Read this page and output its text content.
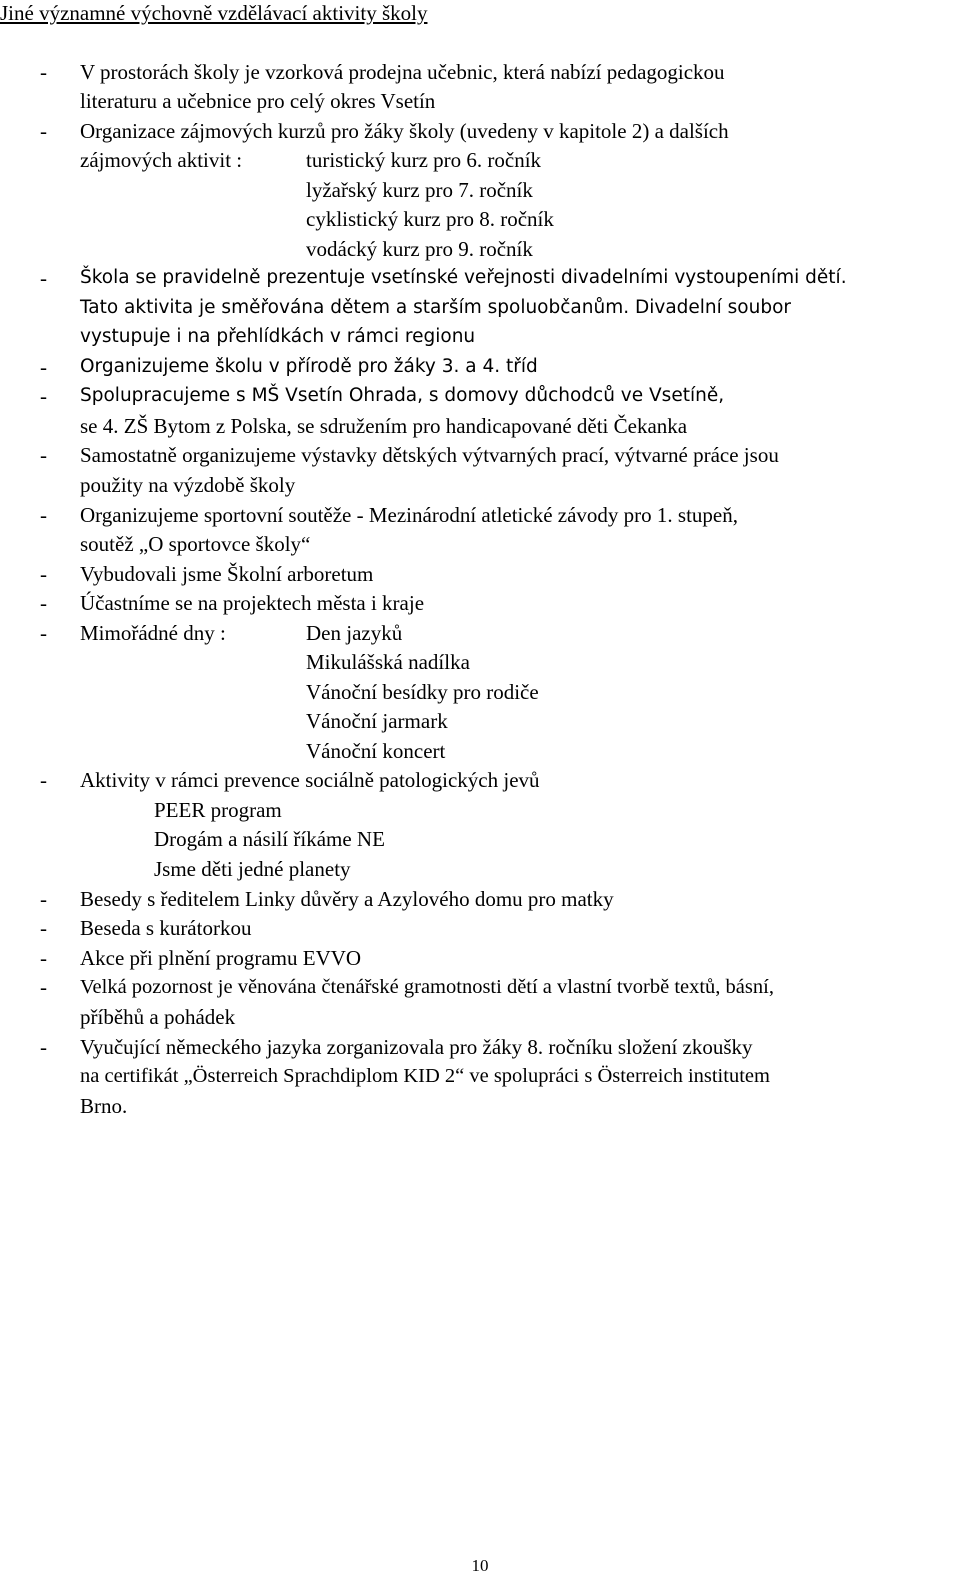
Jiné významné výchovně vzdělávací aktivity školy
- V prostorách školy je vzorková prodejna učebnic, která nabízí pedagogickou
literaturu a učebnice pro celý okres Vsetín
- Organizace zájmových kurzů pro žáky školy (uvedeny v kapitole 2) a dalších
zájmových aktivit :	turistický kurz pro 6. ročník
lyžařský kurz pro 7. ročník
cyklistický kurz pro 8. ročník
vodácký kurz pro 9. ročník
- Škola se pravidelně prezentuje vsetínské veřejnosti divadelními vystoupeními dětí.
Tato aktivita je směřována dětem a starším spoluobčanům. Divadelní soubor
vystupuje i na přehlídkách v rámci regionu
- Organizujeme školu v přírodě pro žáky 3. a 4. tříd
- Spolupracujeme s MŠ Vsetín Ohrada, s domovy důchodců ve Vsetíně,
se 4. ZŠ Bytom z Polska, se sdružením pro handicapované děti Čekanka
- Samostatně organizujeme výstavky dětských výtvarných prací, výtvarné práce jsou
použity na výzdobě školy
- Organizujeme sportovní soutěže - Mezinárodní atletické závody pro 1. stupeň,
soutěž „O sportovce školy“
- Vybudovali jsme Školní arboretum
- Účastníme se na projektech města i kraje
- Mimořádné dny :	Den jazyků
Mikulášská nadílka
Vánoční besídky pro rodiče
Vánoční jarmark
Vánoční koncert
- Aktivity v rámci prevence sociálně patologických jevů
PEER program
Drogám a násilí říkáme NE
Jsme děti jedné planety
- Besedy s ředitelem Linky důvěry a Azylového domu pro matky
- Beseda s kurátorkou
- Akce při plnění programu EVVO
- Velká pozornost je věnována čtenářské gramotnosti dětí a vlastní tvorbě textů, básní,
příběhů a pohádek
- Vyučující německého jazyka zorganizovala pro žáky 8. ročníku složení zkoušky
na certifikát „Österreich Sprachdiplom KID 2“ ve spolupráci s Österreich institutem
Brno.
10
